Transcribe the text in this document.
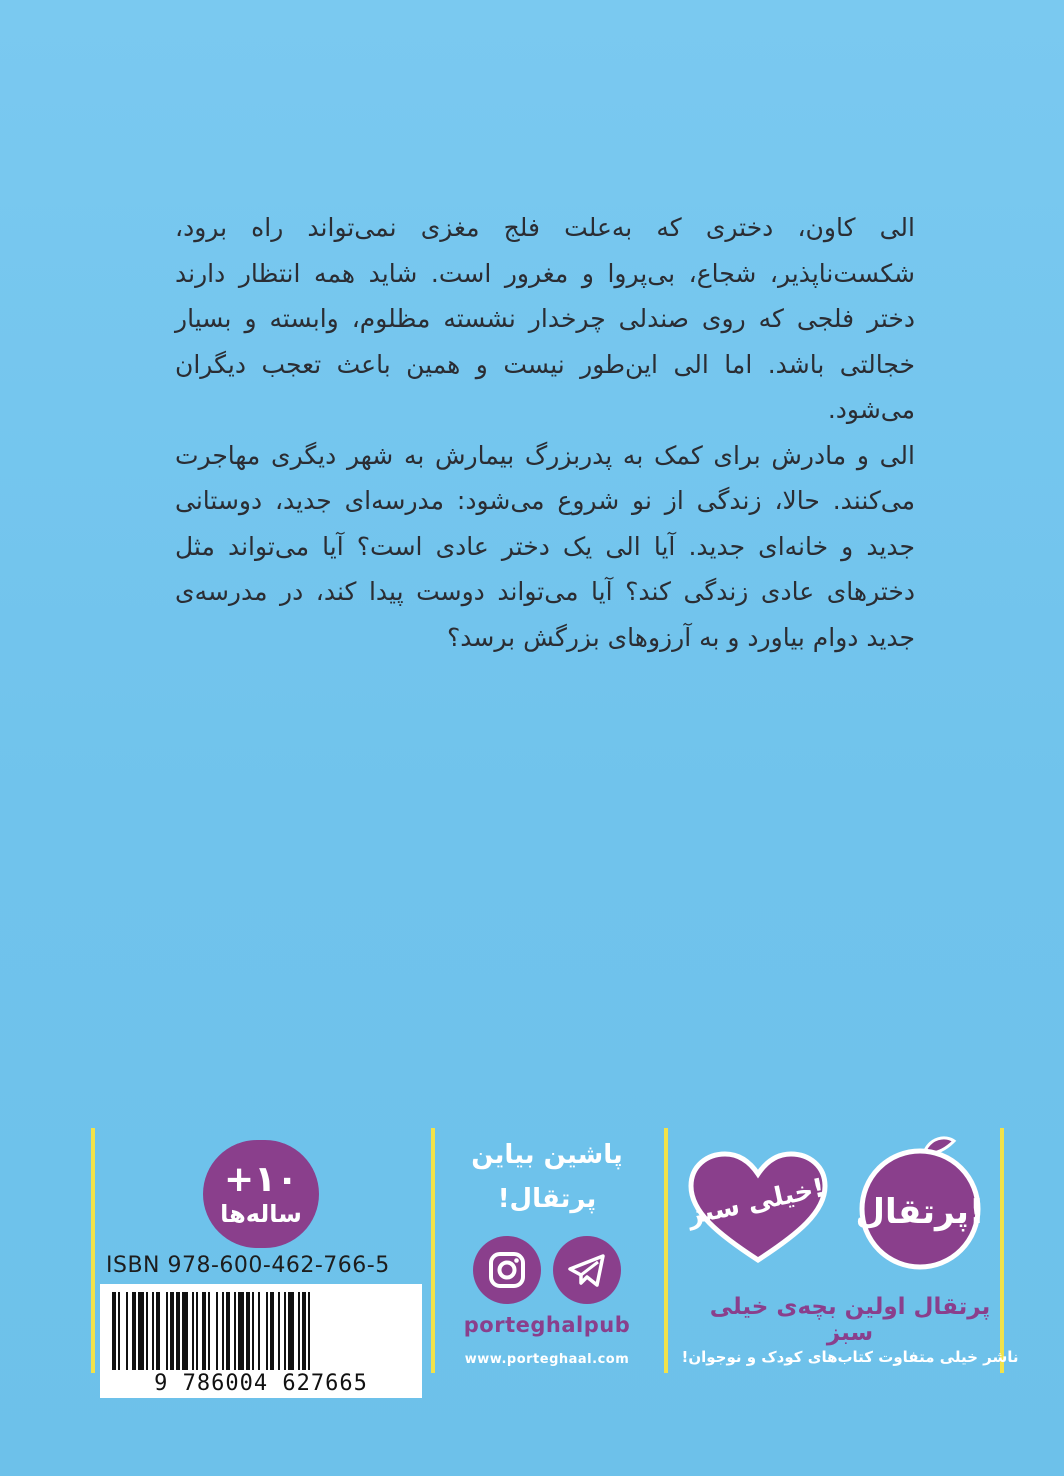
الی کاون، دختری که به‌علت فلج مغزی نمی‌تواند راه برود، شکست‌ناپذیر، شجاع، بی‌پروا و مغرور است. شاید همه انتظار دارند دختر فلجی که روی صندلی چرخدار نشسته مظلوم، وابسته و بسیار خجالتی باشد. اما الی این‌طور نیست و همین باعث تعجب دیگران می‌شود.

الی و مادرش برای کمک به پدربزرگ بیمارش به شهر دیگری مهاجرت می‌کنند. حالا، زندگی از نو شروع می‌شود: مدرسه‌ای جدید، دوستانی جدید و خانه‌ای جدید. آیا الی یک دختر عادی است؟ آیا می‌تواند مثل دخترهای عادی زندگی کند؟ آیا می‌تواند دوست پیدا کند، در مدرسه‌ی جدید دوام بیاورد و به آرزوهای بزرگش برسد؟

+۱۰
ساله‌ها
ISBN 978-600-462-766-5
9 786004 627665
پاشین بیاین
پرتقال!
porteghalpub
www.porteghaal.com
خیلی سبز!
پرتقال!
پرتقال اولین بچه‌ی خیلی سبز
ناشر خیلی متفاوت کتاب‌های کودک و نوجوان!
